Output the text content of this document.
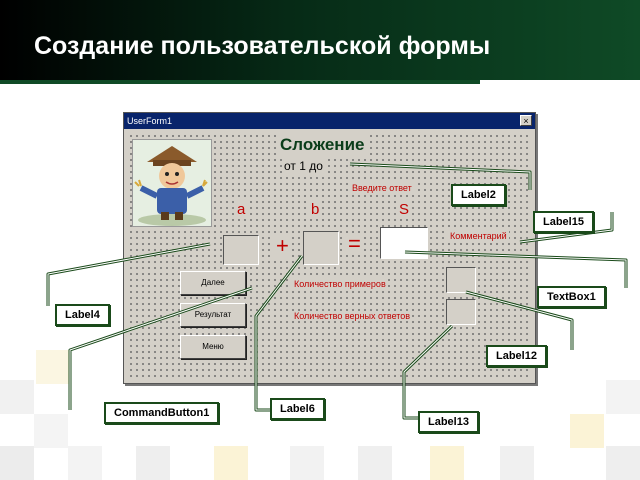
Создание пользовательской формы
UserForm1	×
Сложение
от 1 до
Введите ответ
а	b	S
+	=	Комментарий
Количество примеров
Количество верных ответов
Далее
Результат
Меню
Label2
Label15
TextBox1
Label4
Label12
Label6
CommandButton1
Label13
